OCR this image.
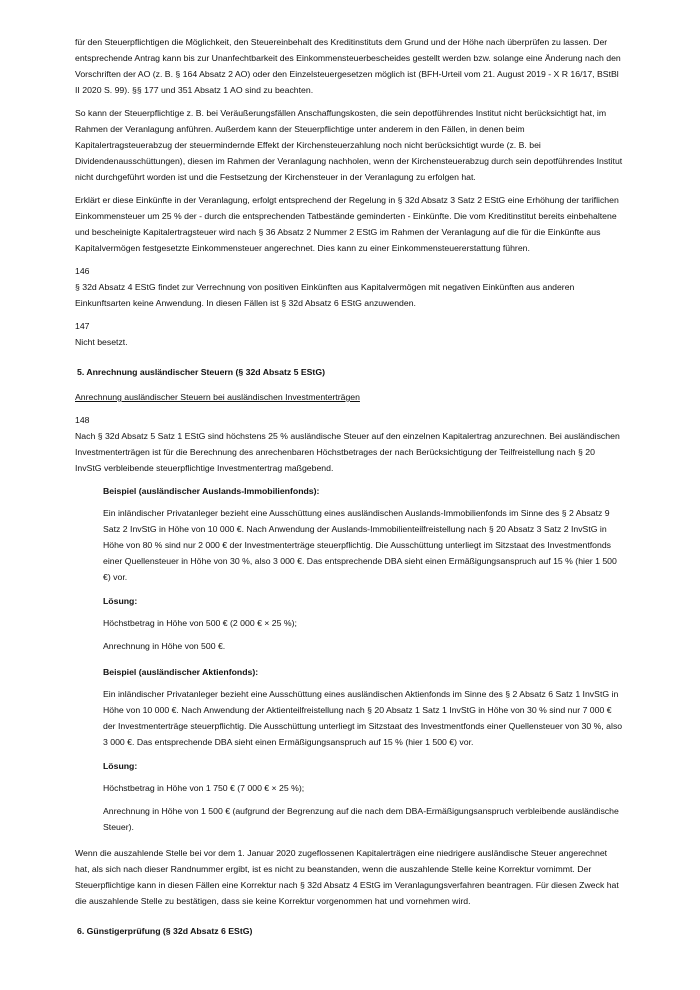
für den Steuerpflichtigen die Möglichkeit, den Steuereinbehalt des Kreditinstituts dem Grund und der Höhe nach überprüfen zu lassen. Der entsprechende Antrag kann bis zur Unanfechtbarkeit des Einkommensteuerbescheides gestellt werden bzw. solange eine Änderung nach den Vorschriften der AO (z. B. § 164 Absatz 2 AO) oder den Einzelsteuergesetzen möglich ist (BFH-Urteil vom 21. August 2019 - X R 16/17, BStBl II 2020 S. 99). §§ 177 und 351 Absatz 1 AO sind zu beachten.

So kann der Steuerpflichtige z. B. bei Veräußerungsfällen Anschaffungskosten, die sein depotführendes Institut nicht berücksichtigt hat, im Rahmen der Veranlagung anführen. Außerdem kann der Steuerpflichtige unter anderem in den Fällen, in denen beim Kapitalertragsteuerabzug der steuermindernde Effekt der Kirchensteuerzahlung noch nicht berücksichtigt wurde (z. B. bei Dividendenausschüttungen), diesen im Rahmen der Veranlagung nachholen, wenn der Kirchensteuerabzug durch sein depotführendes Institut nicht durchgeführt worden ist und die Festsetzung der Kirchensteuer in der Veranlagung zu erfolgen hat.

Erklärt er diese Einkünfte in der Veranlagung, erfolgt entsprechend der Regelung in § 32d Absatz 3 Satz 2 EStG eine Erhöhung der tariflichen Einkommensteuer um 25 % der - durch die entsprechenden Tatbestände geminderten - Einkünfte. Die vom Kreditinstitut bereits einbehaltene und bescheinigte Kapitalertragsteuer wird nach § 36 Absatz 2 Nummer 2 EStG im Rahmen der Veranlagung auf die für die Einkünfte aus Kapitalvermögen festgesetzte Einkommensteuer angerechnet. Dies kann zu einer Einkommensteuererstattung führen.

146

§ 32d Absatz 4 EStG findet zur Verrechnung von positiven Einkünften aus Kapitalvermögen mit negativen Einkünften aus anderen Einkunftsarten keine Anwendung. In diesen Fällen ist § 32d Absatz 6 EStG anzuwenden.

147

Nicht besetzt.

5. Anrechnung ausländischer Steuern (§ 32d Absatz 5 EStG)
Anrechnung ausländischer Steuern bei ausländischen Investmenterträgen
148

Nach § 32d Absatz 5 Satz 1 EStG sind höchstens 25 % ausländische Steuer auf den einzelnen Kapitalertrag anzurechnen. Bei ausländischen Investmenterträgen ist für die Berechnung des anrechenbaren Höchstbetrages der nach Berücksichtigung der Teilfreistellung nach § 20 InvStG verbleibende steuerpflichtige Investmentertrag maßgebend.

Beispiel (ausländischer Auslands-Immobilienfonds):

Ein inländischer Privatanleger bezieht eine Ausschüttung eines ausländischen Auslands-Immobilienfonds im Sinne des § 2 Absatz 9 Satz 2 InvStG in Höhe von 10 000 €. Nach Anwendung der Auslands-Immobilienteilfreistellung nach § 20 Absatz 3 Satz 2 InvStG in Höhe von 80 % sind nur 2 000 € der Investmenterträge steuerpflichtig. Die Ausschüttung unterliegt im Sitzstaat des Investmentfonds einer Quellensteuer in Höhe von 30 %, also 3 000 €. Das entsprechende DBA sieht einen Ermäßigungsanspruch auf 15 % (hier 1 500 €) vor.

Lösung:

Höchstbetrag in Höhe von 500 € (2 000 € × 25 %);

Anrechnung in Höhe von 500 €.

Beispiel (ausländischer Aktienfonds):

Ein inländischer Privatanleger bezieht eine Ausschüttung eines ausländischen Aktienfonds im Sinne des § 2 Absatz 6 Satz 1 InvStG in Höhe von 10 000 €. Nach Anwendung der Aktienteilfreistellung nach § 20 Absatz 1 Satz 1 InvStG in Höhe von 30 % sind nur 7 000 € der Investmenterträge steuerpflichtig. Die Ausschüttung unterliegt im Sitzstaat des Investmentfonds einer Quellensteuer von 30 %, also 3 000 €. Das entsprechende DBA sieht einen Ermäßigungsanspruch auf 15 % (hier 1 500 €) vor.

Lösung:

Höchstbetrag in Höhe von 1 750 € (7 000 € × 25 %);

Anrechnung in Höhe von 1 500 € (aufgrund der Begrenzung auf die nach dem DBA-Ermäßigungsanspruch verbleibende ausländische Steuer).

Wenn die auszahlende Stelle bei vor dem 1. Januar 2020 zugeflossenen Kapitalerträgen eine niedrigere ausländische Steuer angerechnet hat, als sich nach dieser Randnummer ergibt, ist es nicht zu beanstanden, wenn die auszahlende Stelle keine Korrektur vornimmt. Der Steuerpflichtige kann in diesen Fällen eine Korrektur nach § 32d Absatz 4 EStG im Veranlagungsverfahren beantragen. Für diesen Zweck hat die auszahlende Stelle zu bestätigen, dass sie keine Korrektur vorgenommen hat und vornehmen wird.

6. Günstigerprüfung (§ 32d Absatz 6 EStG)
